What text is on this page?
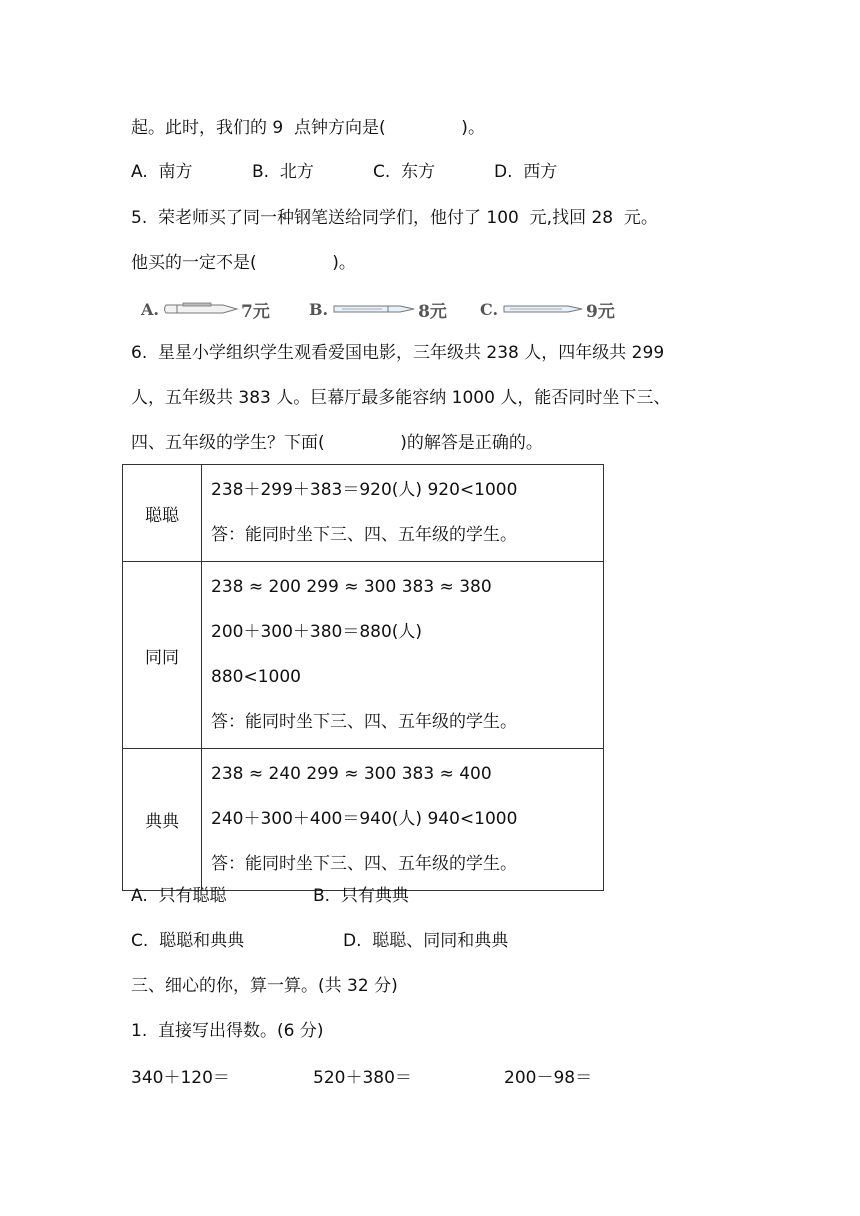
起。此时，我们的 9  点钟方向是(              )。
A.  南方	B.  北方	C.  东方	D.  西方
5.  荣老师买了同一种钢笔送给同学们，他付了 100  元,找回 28  元。
他买的一定不是(              )。
A.	7元 B.	8元 C.	9元
6.  星星小学组织学生观看爱国电影，三年级共 238 人，四年级共 299
人，五年级共 383 人。巨幕厅最多能容纳 1000 人，能否同时坐下三、
四、五年级的学生？下面(              )的解答是正确的。
聪聪	238＋299＋383＝920(人) 920<1000
答：能同时坐下三、四、五年级的学生。

同同	238 ≈ 200 299 ≈ 300 383 ≈ 380
200＋300＋380＝880(人)
880<1000
答：能同时坐下三、四、五年级的学生。

典典	238 ≈ 240 299 ≈ 300 383 ≈ 400
240＋300＋400＝940(人) 940<1000
答：能同时坐下三、四、五年级的学生。
A.  只有聪聪	B.  只有典典
C.  聪聪和典典	D.  聪聪、同同和典典
三、细心的你，算一算。(共 32 分)
1.  直接写出得数。(6 分)
340＋120＝	520＋380＝	200－98＝
